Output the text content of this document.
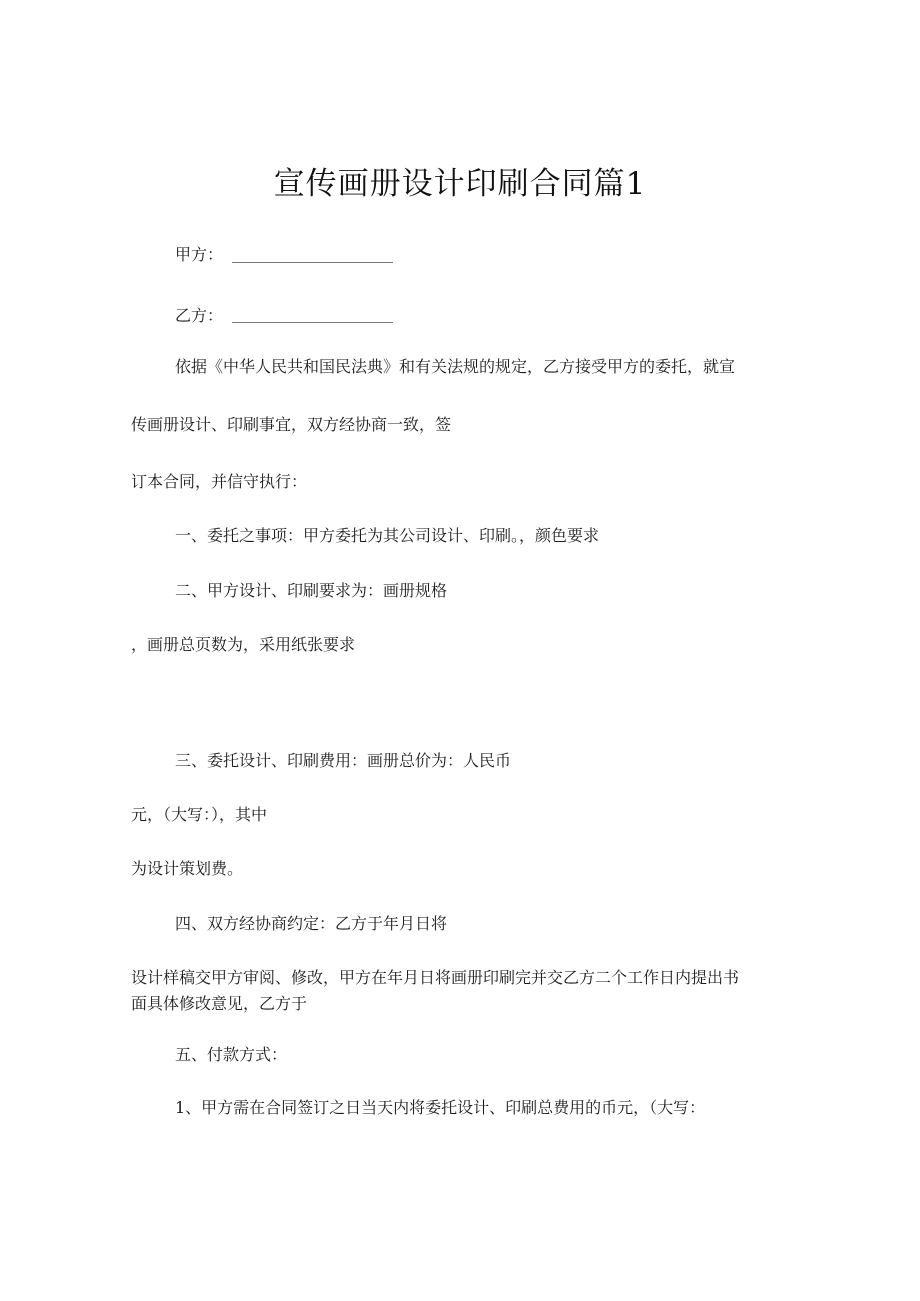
宣传画册设计印刷合同篇1
甲方：
乙方：
依据《中华人民共和国民法典》和有关法规的规定，乙方接受甲方的委托，就宣
传画册设计、印刷事宜，双方经协商一致，签
订本合同，并信守执行：
一、委托之事项：甲方委托为其公司设计、印刷。，颜色要求
二、甲方设计、印刷要求为：画册规格
，画册总页数为，采用纸张要求
三、委托设计、印刷费用：画册总价为：人民币
元，（大写：），其中
为设计策划费。
四、双方经协商约定：乙方于年月日将
设计样稿交甲方审阅、修改，甲方在年月日将画册印刷完并交乙方二个工作日内提出书
面具体修改意见，乙方于
五、付款方式：
1、甲方需在合同签订之日当天内将委托设计、印刷总费用的币元，（大写：
